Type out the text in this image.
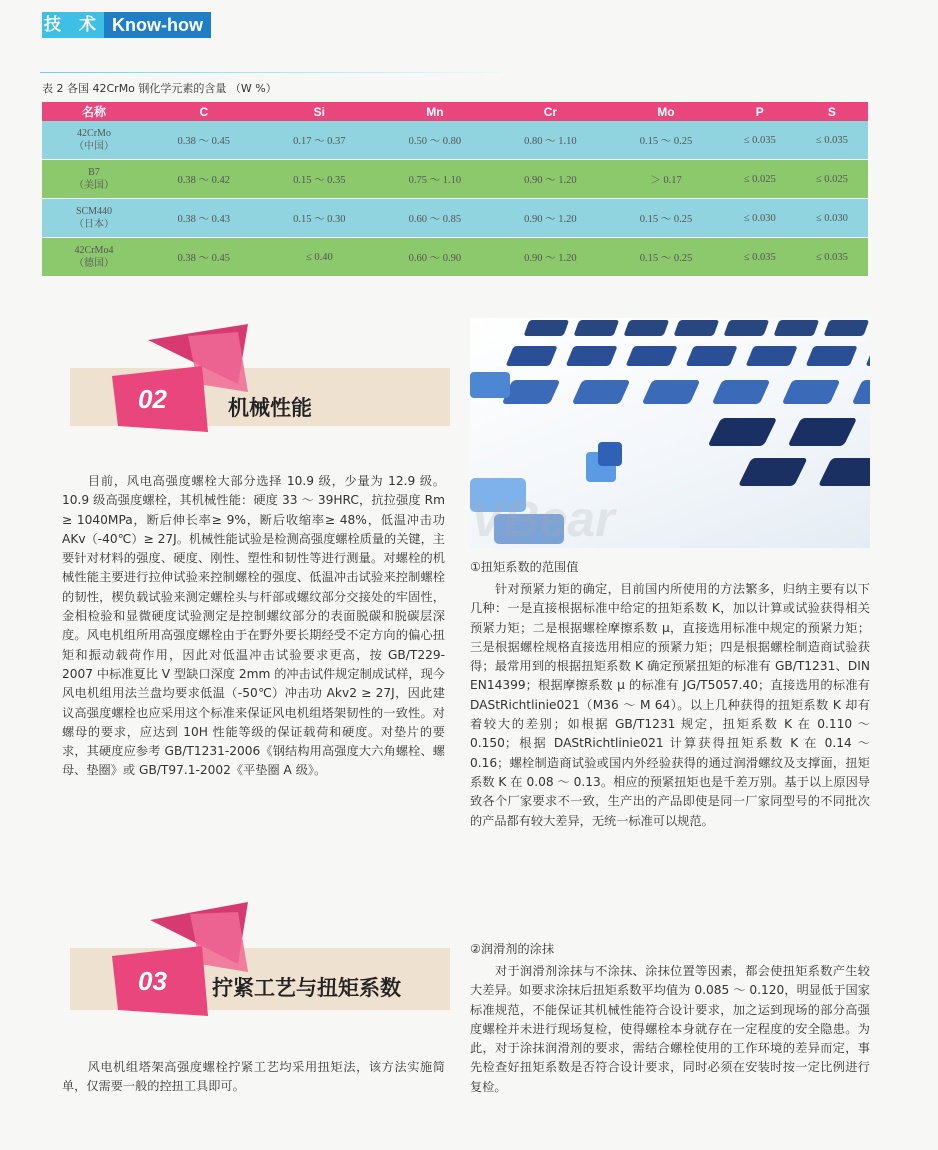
技 术 Know-how
表 2 各国 42CrMo 钢化学元素的含量 （W %）
名称	C	Si	Mn	Cr	Mo	P	S

42CrMo
（中国）	0.38 ～ 0.45	0.17 ～ 0.37	0.50 ～ 0.80	0.80 ～ 1.10	0.15 ～ 0.25	≤ 0.035	≤ 0.035

B7
（美国）	0.38 ～ 0.42	0.15 ～ 0.35	0.75 ～ 1.10	0.90 ～ 1.20	＞ 0.17	≤ 0.025	≤ 0.025

SCM440
（日本）	0.38 ～ 0.43	0.15 ～ 0.30	0.60 ～ 0.85	0.90 ～ 1.20	0.15 ～ 0.25	≤ 0.030	≤ 0.030

42CrMo4
（德国）	0.38 ～ 0.45	≤ 0.40	0.60 ～ 0.90	0.90 ～ 1.20	0.15 ～ 0.25	≤ 0.035	≤ 0.035
02	机械性能

　　目前，风电高强度螺栓大部分选择 10.9 级，少量为 12.9 级。10.9 级高强度螺栓，其机械性能：硬度 33 ～ 39HRC，抗拉强度 Rm ≥ 1040MPa，断后伸长率≥ 9%，断后收缩率≥ 48%，低温冲击功 AKv（-40℃）≥ 27J。机械性能试验是检测高强度螺栓质量的关键，主要针对材料的强度、硬度、刚性、塑性和韧性等进行测量。对螺栓的机械性能主要进行拉伸试验来控制螺栓的强度、低温冲击试验来控制螺栓的韧性，楔负载试验来测定螺栓头与杆部或螺纹部分交接处的牢固性，金相检验和显微硬度试验测定是控制螺纹部分的表面脱碳和脱碳层深度。风电机组所用高强度螺栓由于在野外要长期经受不定方向的偏心扭矩和振动载荷作用，因此对低温冲击试验要求更高，按 GB/T229-2007 中标准夏比 V 型缺口深度 2mm 的冲击试件规定制成试样，现今风电机组用法兰盘均要求低温（-50℃）冲击功 Akv2 ≥ 27J，因此建议高强度螺栓也应采用这个标准来保证风电机组塔架韧性的一致性。对螺母的要求，应达到 10H 性能等级的保证载荷和硬度。对垫片的要求，其硬度应参考 GB/T1231-2006《钢结构用高强度大六角螺栓、螺母、垫圈》或 GB/T97.1-2002《平垫圈 A 级》。

03 拧紧工艺与扭矩系数

　　风电机组塔架高强度螺栓拧紧工艺均采用扭矩法，该方法实施简单，仅需要一般的控扭工具即可。

VBear
①扭矩系数的范围值

　　针对预紧力矩的确定，目前国内所使用的方法繁多，归纳主要有以下几种：一是直接根据标准中给定的扭矩系数 K，加以计算或试验获得相关预紧力矩；二是根据螺栓摩擦系数 μ，直接选用标准中规定的预紧力矩；三是根据螺栓规格直接选用相应的预紧力矩；四是根据螺栓制造商试验获得；最常用到的根据扭矩系数 K 确定预紧扭矩的标准有 GB/T1231、DIN EN14399；根据摩擦系数 μ 的标准有 JG/T5057.40；直接选用的标准有 DAStRichtlinie021（M36 ～ M 64）。以上几种获得的扭矩系数 K 却有着较大的差别；如根据 GB/T1231 规定，扭矩系数 K 在 0.110 ～ 0.150；根据 DAStRichtlinie021 计算获得扭矩系数 K 在 0.14 ～ 0.16；螺栓制造商试验或国内外经验获得的通过润滑螺纹及支撑面，扭矩系数 K 在 0.08 ～ 0.13。相应的预紧扭矩也是千差万别。基于以上原因导致各个厂家要求不一致，生产出的产品即使是同一厂家同型号的不同批次的产品都有较大差异，无统一标准可以规范。

②润滑剂的涂抹

　　对于润滑剂涂抹与不涂抹、涂抹位置等因素，都会使扭矩系数产生较大差异。如要求涂抹后扭矩系数平均值为 0.085 ～ 0.120，明显低于国家标准规范，不能保证其机械性能符合设计要求，加之运到现场的部分高强度螺栓并未进行现场复检，使得螺栓本身就存在一定程度的安全隐患。为此，对于涂抹润滑剂的要求，需结合螺栓使用的工作环境的差异而定，事先检查好扭矩系数是否符合设计要求，同时必须在安装时按一定比例进行复检。
